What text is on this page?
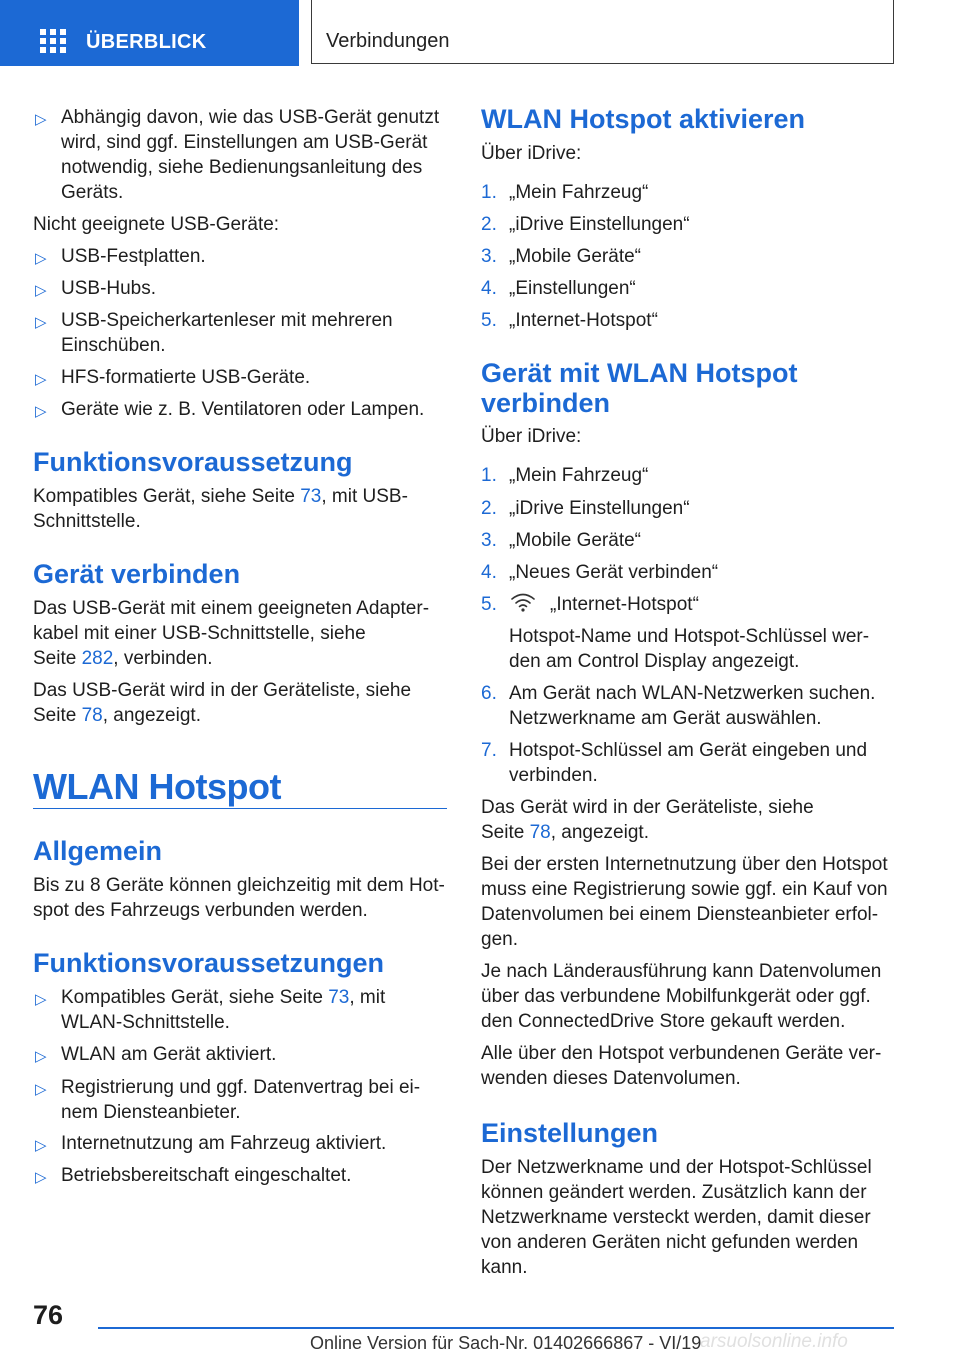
ÜBERBLICK	Verbindungen
▷ Abhängig davon, wie das USB-Gerät genutzt

wird, sind ggf. Einstellungen am USB-Gerät

notwendig, siehe Bedienungsanleitung des

Geräts.

Nicht geeignete USB-Geräte:

▷ USB-Festplatten.

▷ USB-Hubs.

▷ USB-Speicherkartenleser mit mehreren

Einschüben.

▷ HFS-formatierte USB-Geräte.

▷ Geräte wie z. B. Ventilatoren oder Lampen.

Funktionsvoraussetzung

Kompatibles Gerät, siehe Seite 73, mit USB-

Schnittstelle.

Gerät verbinden

Das USB-Gerät mit einem geeigneten Adapter-

kabel mit einer USB-Schnittstelle, siehe

Seite 282, verbinden.

Das USB-Gerät wird in der Geräteliste, siehe

Seite 78, angezeigt.

WLAN Hotspot
Allgemein

Bis zu 8 Geräte können gleichzeitig mit dem Hot-

spot des Fahrzeugs verbunden werden.

Funktionsvoraussetzungen
▷ Kompatibles Gerät, siehe Seite 73, mit

WLAN-Schnittstelle.

▷ WLAN am Gerät aktiviert.

▷ Registrierung und ggf. Datenvertrag bei ei-

nem Diensteanbieter.

▷ Internetnutzung am Fahrzeug aktiviert.

▷ Betriebsbereitschaft eingeschaltet.

WLAN Hotspot aktivieren

Über iDrive:

1. „Mein Fahrzeug“

2. „iDrive Einstellungen“

3. „Mobile Geräte“

4. „Einstellungen“

5. „Internet-Hotspot“

Gerät mit WLAN Hotspot
verbinden

Über iDrive:

1. „Mein Fahrzeug“

2. „iDrive Einstellungen“

3. „Mobile Geräte“

4. „Neues Gerät verbinden“

5.	„Internet-Hotspot“

Hotspot-Name und Hotspot-Schlüssel wer-

den am Control Display angezeigt.

6. Am Gerät nach WLAN-Netzwerken suchen.

Netzwerkname am Gerät auswählen.

7. Hotspot-Schlüssel am Gerät eingeben und

verbinden.

Das Gerät wird in der Geräteliste, siehe

Seite 78, angezeigt.

Bei der ersten Internetnutzung über den Hotspot

muss eine Registrierung sowie ggf. ein Kauf von

Datenvolumen bei einem Diensteanbieter erfol-

gen.

Je nach Länderausführung kann Datenvolumen

über das verbundene Mobilfunkgerät oder ggf.

den ConnectedDrive Store gekauft werden.

Alle über den Hotspot verbundenen Geräte ver-

wenden dieses Datenvolumen.

Einstellungen

Der Netzwerkname und der Hotspot-Schlüssel

können geändert werden. Zusätzlich kann der

Netzwerkname versteckt werden, damit dieser

von anderen Geräten nicht gefunden werden

kann.

76
Online Version für Sach-Nr. 01402666867 - VI/19
arsuolsonline.info
